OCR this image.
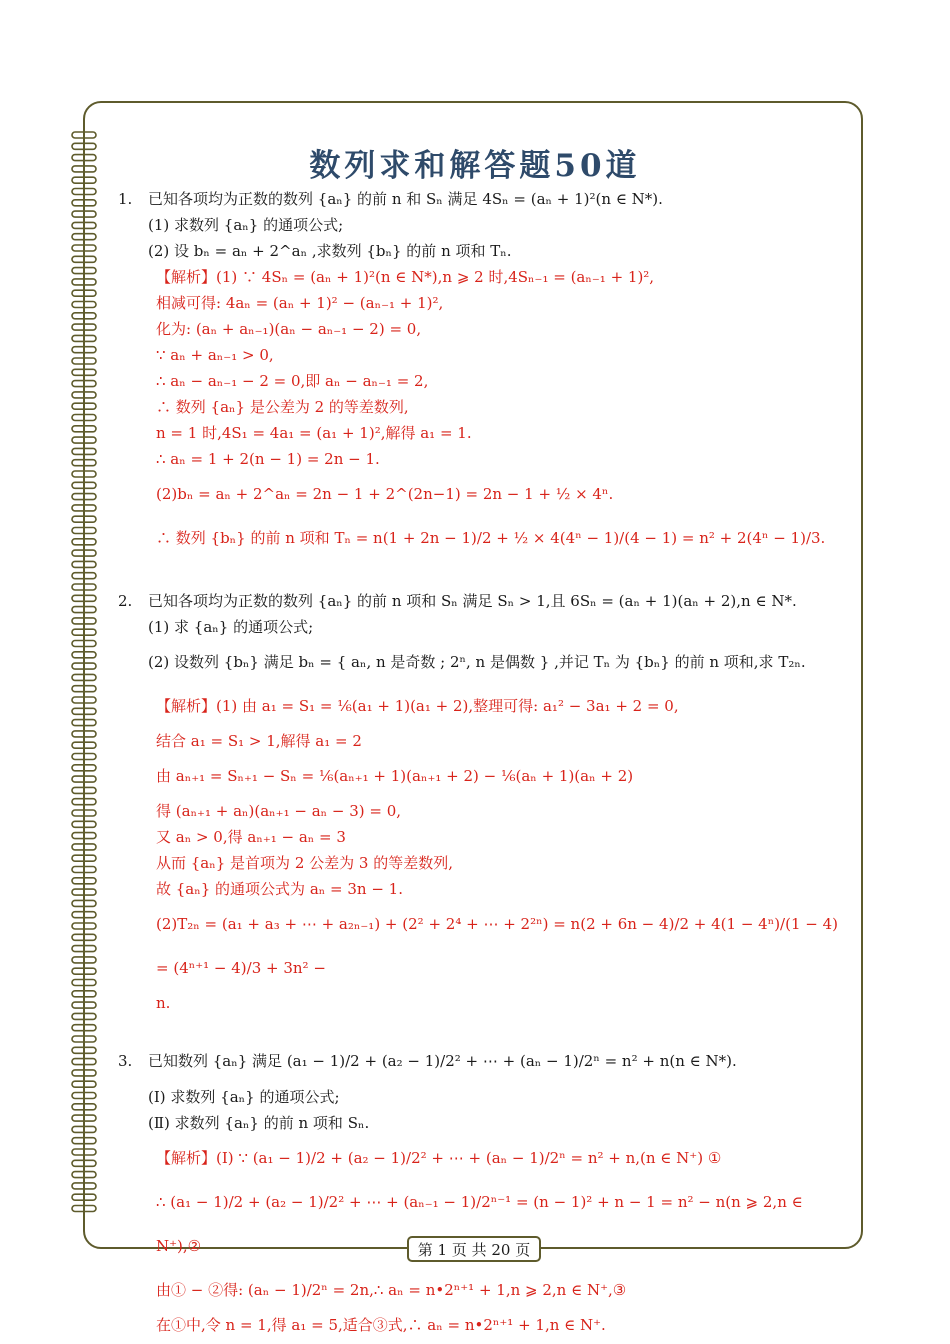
数列求和解答题50道
1.	已知各项均为正数的数列 {aₙ} 的前 n 和 Sₙ 满足 4Sₙ = (aₙ + 1)²(n ∈ N*).
(1) 求数列 {aₙ} 的通项公式;
(2) 设 bₙ = aₙ + 2^aₙ ,求数列 {bₙ} 的前 n 项和 Tₙ.
【解析】(1) ∵ 4Sₙ = (aₙ + 1)²(n ∈ N*),n ⩾ 2 时,4Sₙ₋₁ = (aₙ₋₁ + 1)²,
相减可得: 4aₙ = (aₙ + 1)² − (aₙ₋₁ + 1)²,
化为: (aₙ + aₙ₋₁)(aₙ − aₙ₋₁ − 2) = 0,
∵ aₙ + aₙ₋₁ > 0,
∴ aₙ − aₙ₋₁ − 2 = 0,即 aₙ − aₙ₋₁ = 2,
∴ 数列 {aₙ} 是公差为 2 的等差数列,
n = 1 时,4S₁ = 4a₁ = (a₁ + 1)²,解得 a₁ = 1.
∴ aₙ = 1 + 2(n − 1) = 2n − 1.
(2)bₙ = aₙ + 2^aₙ = 2n − 1 + 2^(2n−1) = 2n − 1 + ½ × 4ⁿ.
∴ 数列 {bₙ} 的前 n 项和 Tₙ = n(1 + 2n − 1)/2 + ½ × 4(4ⁿ − 1)/(4 − 1) = n² + 2(4ⁿ − 1)/3.
2.	已知各项均为正数的数列 {aₙ} 的前 n 项和 Sₙ 满足 Sₙ > 1,且 6Sₙ = (aₙ + 1)(aₙ + 2),n ∈ N*.
(1) 求 {aₙ} 的通项公式;
(2) 设数列 {bₙ} 满足 bₙ = { aₙ, n 是奇数 ; 2ⁿ, n 是偶数 } ,并记 Tₙ 为 {bₙ} 的前 n 项和,求 T₂ₙ.
【解析】(1) 由 a₁ = S₁ = ⅙(a₁ + 1)(a₁ + 2),整理可得: a₁² − 3a₁ + 2 = 0,
结合 a₁ = S₁ > 1,解得 a₁ = 2
由 aₙ₊₁ = Sₙ₊₁ − Sₙ = ⅙(aₙ₊₁ + 1)(aₙ₊₁ + 2) − ⅙(aₙ + 1)(aₙ + 2)
得 (aₙ₊₁ + aₙ)(aₙ₊₁ − aₙ − 3) = 0,
又 aₙ > 0,得 aₙ₊₁ − aₙ = 3
从而 {aₙ} 是首项为 2 公差为 3 的等差数列,
故 {aₙ} 的通项公式为 aₙ = 3n − 1.
(2)T₂ₙ = (a₁ + a₃ + ⋯ + a₂ₙ₋₁) + (2² + 2⁴ + ⋯ + 2²ⁿ) = n(2 + 6n − 4)/2 + 4(1 − 4ⁿ)/(1 − 4) = (4ⁿ⁺¹ − 4)/3 + 3n² −
n.
3.	已知数列 {aₙ} 满足 (a₁ − 1)/2 + (a₂ − 1)/2² + ⋯ + (aₙ − 1)/2ⁿ = n² + n(n ∈ N*).
(Ⅰ) 求数列 {aₙ} 的通项公式;
(Ⅱ) 求数列 {aₙ} 的前 n 项和 Sₙ.
【解析】(Ⅰ) ∵ (a₁ − 1)/2 + (a₂ − 1)/2² + ⋯ + (aₙ − 1)/2ⁿ = n² + n,(n ∈ N⁺) ①
∴ (a₁ − 1)/2 + (a₂ − 1)/2² + ⋯ + (aₙ₋₁ − 1)/2ⁿ⁻¹ = (n − 1)² + n − 1 = n² − n(n ⩾ 2,n ∈ N⁺),②
由① − ②得: (aₙ − 1)/2ⁿ = 2n,∴ aₙ = n•2ⁿ⁺¹ + 1,n ⩾ 2,n ∈ N⁺,③
在①中,令 n = 1,得 a₁ = 5,适合③式,∴ aₙ = n•2ⁿ⁺¹ + 1,n ∈ N⁺.
第 1 页 共 20 页
